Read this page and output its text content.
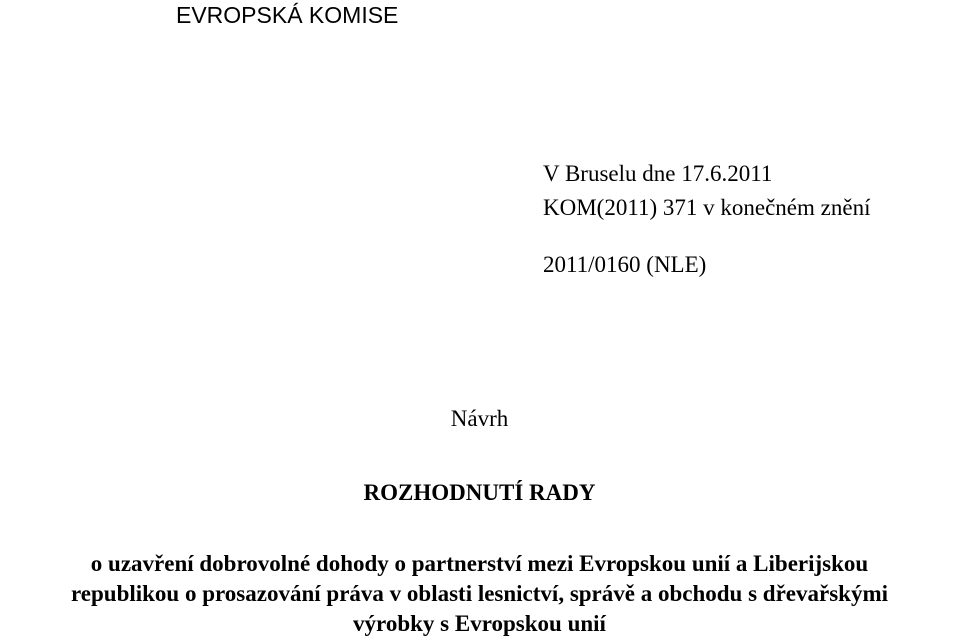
EVROPSKÁ KOMISE
V Bruselu dne 17.6.2011
KOM(2011) 371 v konečném znění
2011/0160 (NLE)
Návrh
ROZHODNUTÍ RADY
o uzavření dobrovolné dohody o partnerství mezi Evropskou unií a Liberijskou
republikou o prosazování práva v oblasti lesnictví, správě a obchodu s dřevařskými
výrobky s Evropskou unií
